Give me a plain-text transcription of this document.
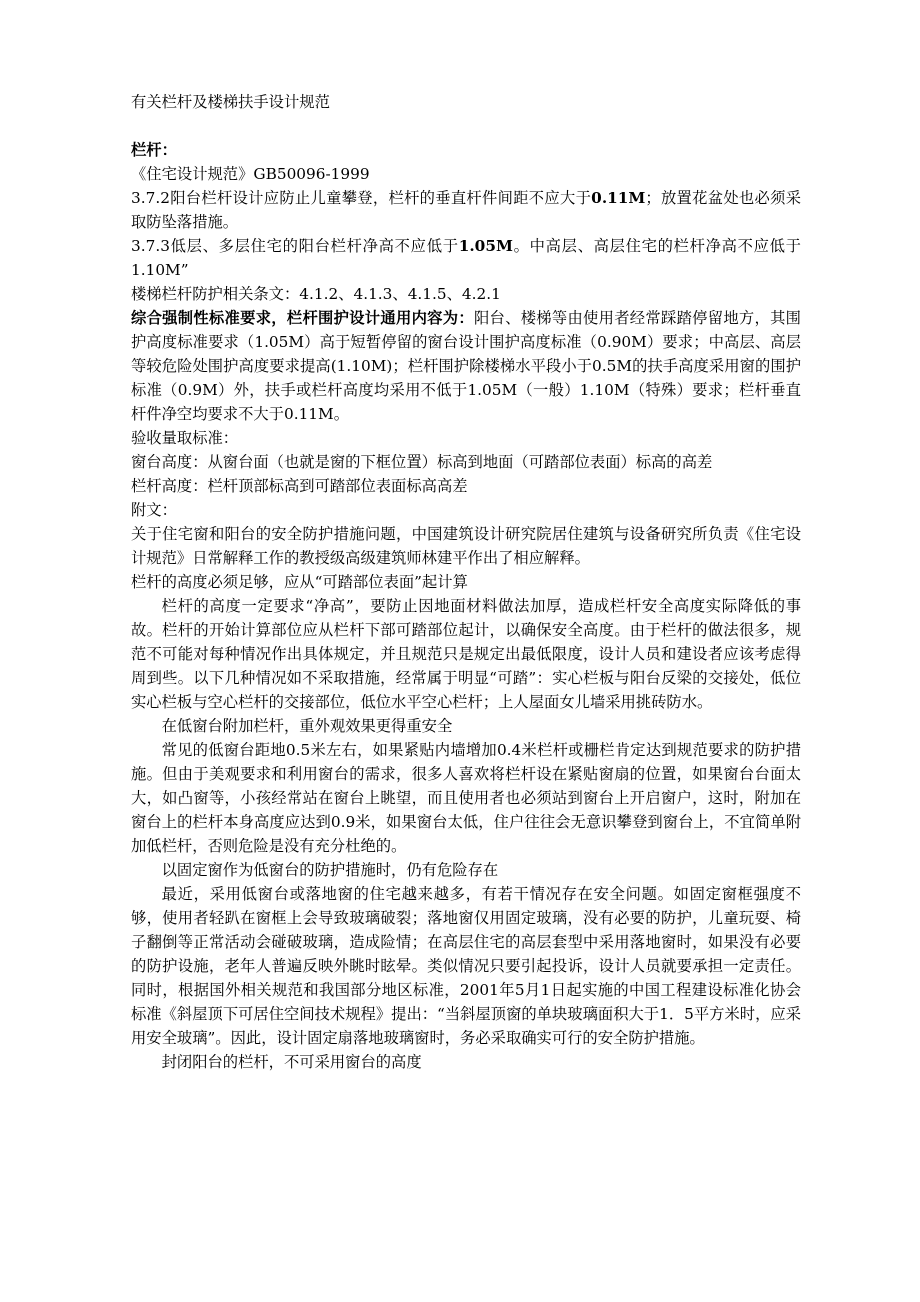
有关栏杆及楼梯扶手设计规范

栏杆：

《住宅设计规范》GB50096-1999

3.7.2阳台栏杆设计应防止儿童攀登，栏杆的垂直杆件间距不应大于0.11M；放置花盆处也必须采取防坠落措施。

3.7.3低层、多层住宅的阳台栏杆净高不应低于1.05M。中高层、高层住宅的栏杆净高不应低于1.10M”

楼梯栏杆防护相关条文：4.1.2、4.1.3、4.1.5、4.2.1

综合强制性标准要求，栏杆围护设计通用内容为：阳台、楼梯等由使用者经常踩踏停留地方，其围护高度标准要求（1.05M）高于短暂停留的窗台设计围护高度标准（0.90M）要求；中高层、高层等较危险处围护高度要求提高(1.10M)；栏杆围护除楼梯水平段小于0.5M的扶手高度采用窗的围护标准（0.9M）外，扶手或栏杆高度均采用不低于1.05M（一般）1.10M（特殊）要求；栏杆垂直杆件净空均要求不大于0.11M。

验收量取标准：

窗台高度：从窗台面（也就是窗的下框位置）标高到地面（可踏部位表面）标高的高差

栏杆高度：栏杆顶部标高到可踏部位表面标高高差

附文：

关于住宅窗和阳台的安全防护措施问题，中国建筑设计研究院居住建筑与设备研究所负责《住宅设计规范》日常解释工作的教授级高级建筑师林建平作出了相应解释。

栏杆的高度必须足够，应从“可踏部位表面”起计算

栏杆的高度一定要求“净高”，要防止因地面材料做法加厚，造成栏杆安全高度实际降低的事故。栏杆的开始计算部位应从栏杆下部可踏部位起计，以确保安全高度。由于栏杆的做法很多，规范不可能对每种情况作出具体规定，并且规范只是规定出最低限度，设计人员和建设者应该考虑得周到些。以下几种情况如不采取措施，经常属于明显“可踏”：实心栏板与阳台反梁的交接处，低位实心栏板与空心栏杆的交接部位，低位水平空心栏杆；上人屋面女儿墙采用挑砖防水。

在低窗台附加栏杆，重外观效果更得重安全

常见的低窗台距地0.5米左右，如果紧贴内墙增加0.4米栏杆或栅栏肯定达到规范要求的防护措施。但由于美观要求和利用窗台的需求，很多人喜欢将栏杆设在紧贴窗扇的位置，如果窗台台面太大，如凸窗等，小孩经常站在窗台上眺望，而且使用者也必须站到窗台上开启窗户，这时，附加在窗台上的栏杆本身高度应达到0.9米，如果窗台太低，住户往往会无意识攀登到窗台上，不宜简单附加低栏杆，否则危险是没有充分杜绝的。

以固定窗作为低窗台的防护措施时，仍有危险存在

最近，采用低窗台或落地窗的住宅越来越多，有若干情况存在安全问题。如固定窗框强度不够，使用者轻趴在窗框上会导致玻璃破裂；落地窗仅用固定玻璃，没有必要的防护，儿童玩耍、椅子翻倒等正常活动会碰破玻璃，造成险情；在高层住宅的高层套型中采用落地窗时，如果没有必要的防护设施，老年人普遍反映外眺时眩晕。类似情况只要引起投诉，设计人员就要承担一定责任。同时，根据国外相关规范和我国部分地区标准，2001年5月1日起实施的中国工程建设标准化协会标准《斜屋顶下可居住空间技术规程》提出：“当斜屋顶窗的单块玻璃面积大于1．5平方米时，应采用安全玻璃”。因此，设计固定扇落地玻璃窗时，务必采取确实可行的安全防护措施。

封闭阳台的栏杆，不可采用窗台的高度
